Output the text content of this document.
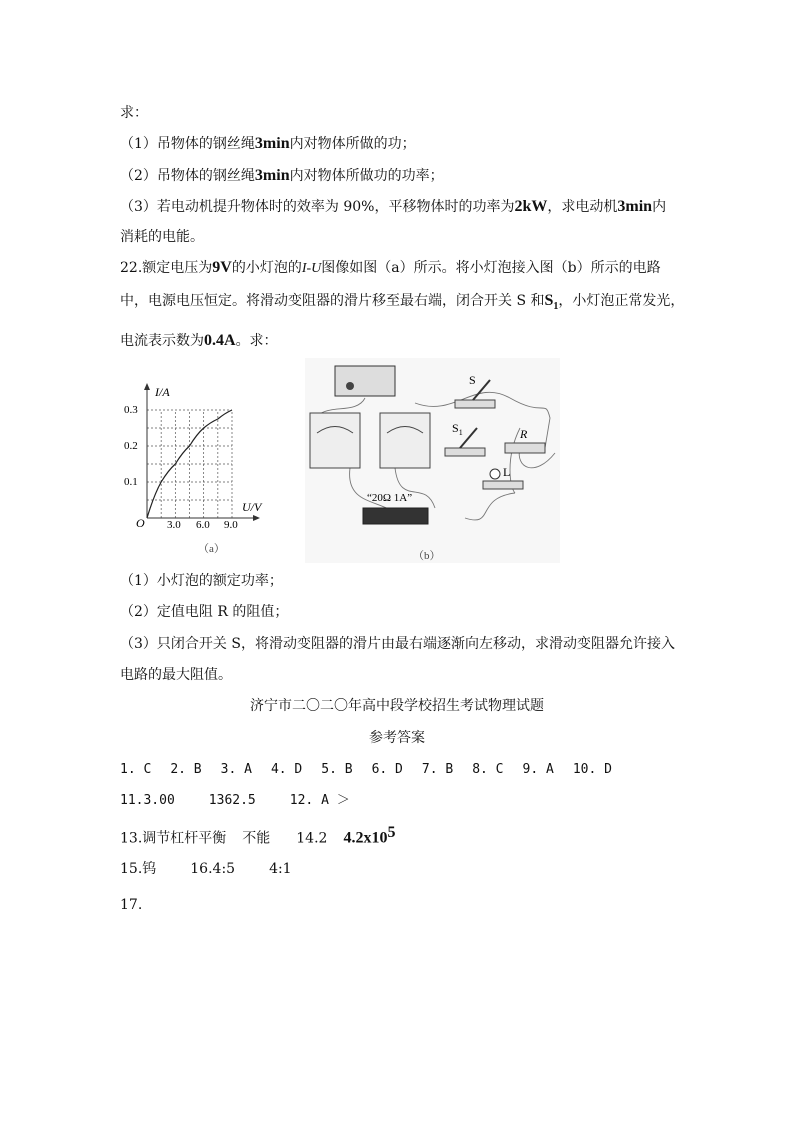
求：
（1）吊物体的钢丝绳3min内对物体所做的功；
（2）吊物体的钢丝绳3min内对物体所做功的功率；
（3）若电动机提升物体时的效率为 90%，平移物体时的功率为2kW，求电动机3min内
消耗的电能。
22.额定电压为9V的小灯泡的I-U图像如图（a）所示。将小灯泡接入图（b）所示的电路
中，电源电压恒定。将滑动变阻器的滑片移至最右端，闭合开关 S 和$S_1$，小灯泡正常发光，
电流表示数为0.4A。求：
I/A
U/V
O
0.1
0.2
0.3
3.0 6.0 9.0
（a）
S
$S_1$	R
L
“20Ω 1A”
（b）
（1）小灯泡的额定功率；
（2）定值电阻 R 的阻值；
（3）只闭合开关 S，将滑动变阻器的滑片由最右端逐渐向左移动，求滑动变阻器允许接入
电路的最大阻值。
济宁市二〇二〇年高中段学校招生考试物理试题
参考答案
1. C 2. B 3. A 4. D 5. B 6. D 7. B 8. C 9. A 10. D
11.3.00	1362.5	12. A ＞
13.调节杠杆平衡 不能 14.2 $4.2x10^5$
15.钨 16.4:5 4:1
17.
